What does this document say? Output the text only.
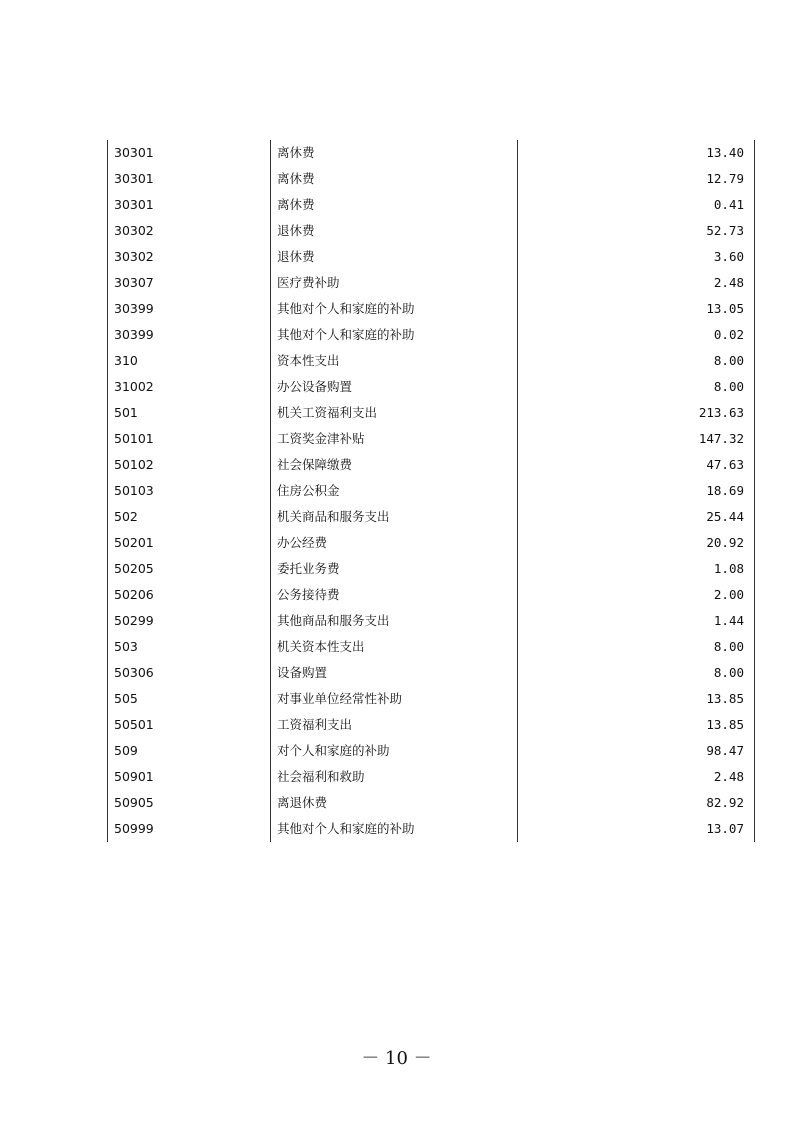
30301	离休费	13.40
30301	离休费	12.79
30301	离休费	0.41
30302	退休费	52.73
30302	退休费	3.60
30307	医疗费补助	2.48
30399	其他对个人和家庭的补助	13.05
30399	其他对个人和家庭的补助	0.02
310	资本性支出	8.00
31002	办公设备购置	8.00
501	机关工资福利支出	213.63
50101	工资奖金津补贴	147.32
50102	社会保障缴费	47.63
50103	住房公积金	18.69
502	机关商品和服务支出	25.44
50201	办公经费	20.92
50205	委托业务费	1.08
50206	公务接待费	2.00
50299	其他商品和服务支出	1.44
503	机关资本性支出	8.00
50306	设备购置	8.00
505	对事业单位经常性补助	13.85
50501	工资福利支出	13.85
509	对个人和家庭的补助	98.47
50901	社会福利和救助	2.48
50905	离退休费	82.92
50999	其他对个人和家庭的补助	13.07
－ 10 －
